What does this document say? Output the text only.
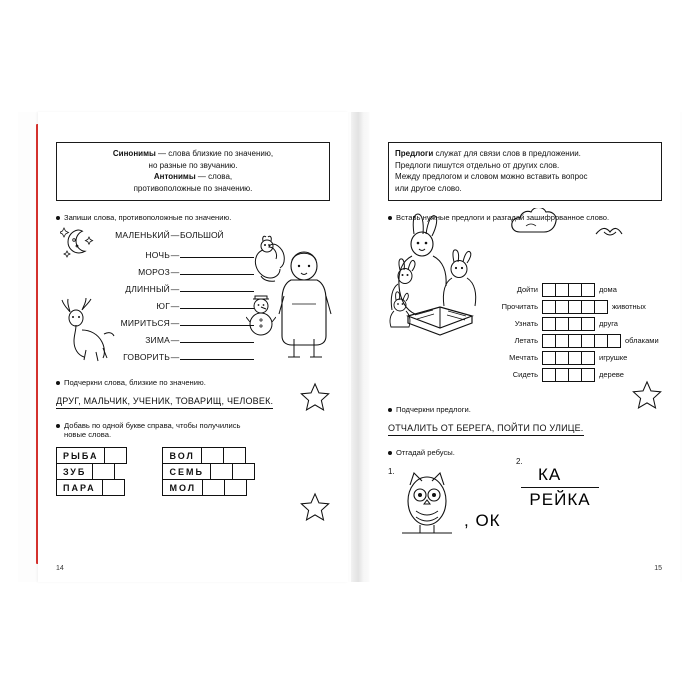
Синонимы — слова близкие по значению,
но разные по звучанию.
Антонимы — слова,
противоположные по значению.
Запиши слова, противоположные по значению.
МАЛЕНЬКИЙ — БОЛЬШОЙ
НОЧЬ —
МОРОЗ —
ДЛИННЫЙ —
ЮГ —
МИРИТЬСЯ —
ЗИМА —
ГОВОРИТЬ —
Подчеркни слова, близкие по значению.
ДРУГ, МАЛЬЧИК, УЧЕНИК, ТОВАРИЩ, ЧЕЛОВЕК.
Добавь по одной букве справа, чтобы получились
новые слова.
РЫБА
ЗУБ
ПАРА
ВОЛ
СЕМЬ
МОЛ
14
Предлоги служат для связи слов в предложении.
Предлоги пишутся отдельно от других слов.
Между предлогом и словом можно вставить вопрос
или другое слово.
Вставь нужные предлоги и разгадай зашифрованное слово.
Дойти	дома
Прочитать	животных
Узнать	друга
Летать	облаками
Мечтать	игрушке
Сидеть	дереве
Подчеркни предлоги.
ОТЧАЛИТЬ ОТ БЕРЕГА, ПОЙТИ ПО УЛИЦЕ.
Отгадай ребусы.
1.
2.
КА
РЕЙКА
, ОК
15
